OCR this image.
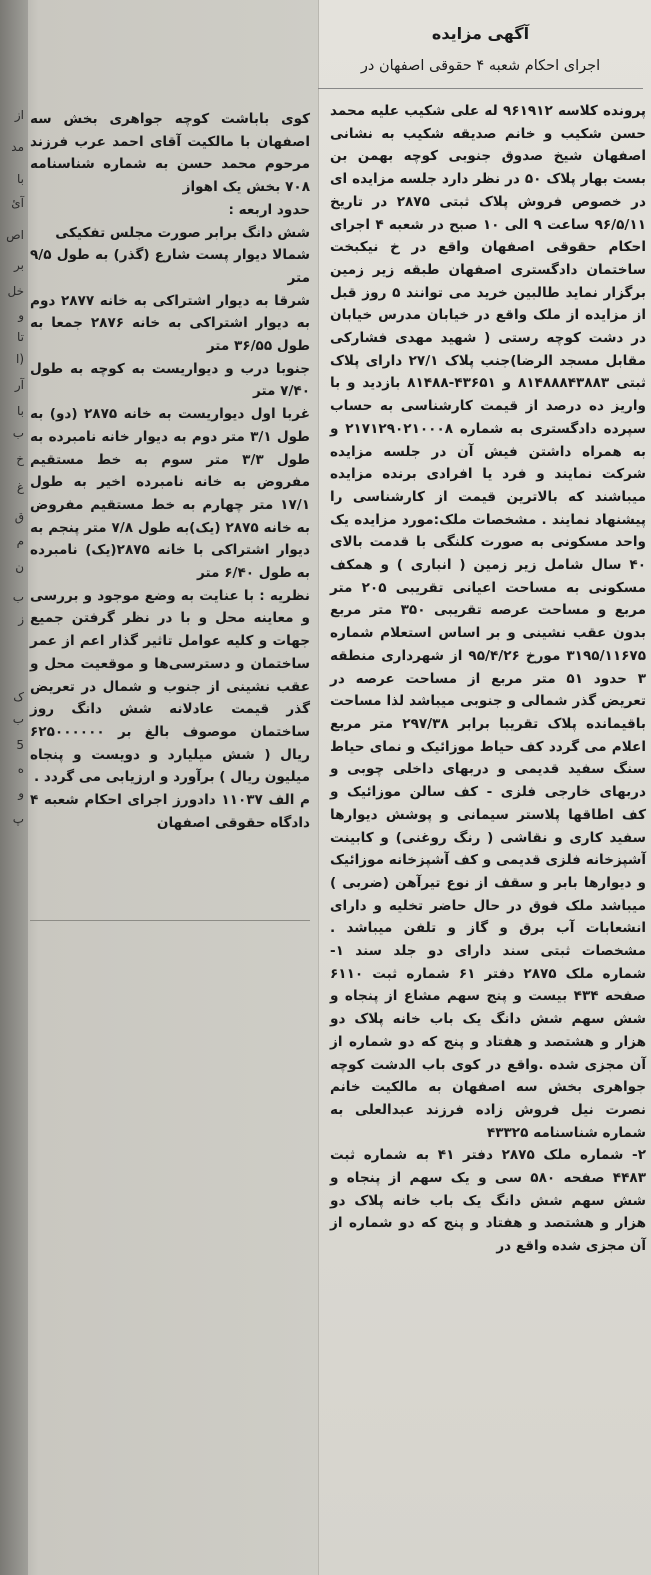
از
مد
با
آئ
اص
بر
خل
و
تا
(ا
آر
با
ب
خ
غ
ق
م
ن
ب
ز
ک
ب
5
ه
و
پ
آگهی مزایده
اجرای احکام شعبه ۴ حقوقی اصفهان در

پرونده کلاسه ۹۶۱۹۱۲ له علی شکیب علیه محمد حسن شکیب و خانم صدیقه شکیب به نشانی اصفهان شیخ صدوق جنوبی کوچه بهمن بن بست بهار پلاک ۵۰ در نظر دارد جلسه مزایده ای در خصوص فروش پلاک ثبتی ۲۸۷۵ در تاریخ ۹۶/۵/۱۱ ساعت ۹ الی ۱۰ صبح در شعبه ۴ اجرای احکام حقوقی اصفهان واقع در خ نیکبخت ساختمان دادگستری اصفهان طبقه زیر زمین برگزار نماید طالبین خرید می توانند ۵ روز قبل از مزایده از ملک واقع در خیابان مدرس خیابان در دشت کوچه رستی ( شهید مهدی فشارکی مقابل مسجد الرضا)جنب پلاک ۲۷/۱ دارای پلاک ثبتی ۸۱۴۸۸۸۴۳۸۸۳ و ۴۳۶۵۱-۸۱۴۸۸ بازدید و با واریز ده درصد از قیمت کارشناسی به حساب سپرده دادگستری به شماره ۲۱۷۱۲۹۰۲۱۰۰۰۸ و به همراه داشتن فیش آن در جلسه مزایده شرکت نمایند و فرد یا افرادی برنده مزایده میباشند که بالاترین قیمت از کارشناسی را پیشنهاد نمایند . مشخصات ملک:مورد مزایده یک واحد مسکونی به صورت کلنگی با قدمت بالای ۴۰ سال شامل زیر زمین ( انباری ) و همکف مسکونی به مساحت اعیانی تقریبی ۲۰۵ متر مربع و مساحت عرصه تقریبی ۳۵۰ متر مربع بدون عقب نشینی و بر اساس استعلام شماره ۳۱۹۵/۱۱۶۷۵ مورخ ۹۵/۴/۲۶ از شهرداری منطقه ۳ حدود ۵۱ متر مربع از مساحت عرصه در تعریض گذر شمالی و جنوبی میباشد لذا مساحت باقیمانده پلاک تقریبا برابر ۲۹۷/۳۸ متر مربع اعلام می گردد کف حیاط موزائیک و نمای حیاط سنگ سفید قدیمی و دربهای داخلی چوبی و دربهای خارجی فلزی - کف سالن موزائیک و کف اطاقها پلاستر سیمانی و پوشش دیوارها سفید کاری و نقاشی ( رنگ روغنی) و کابینت آشپزخانه فلزی قدیمی و کف آشپزخانه موزائیک و دیوارها بابر و سقف از نوع تیرآهن (ضربی ) میباشد ملک فوق در حال حاضر تخلیه و دارای انشعابات آب برق و گاز و تلفن میباشد . مشخصات ثبتی سند دارای دو جلد سند ۱- شماره ملک ۲۸۷۵ دفتر ۶۱ شماره ثبت ۶۱۱۰ صفحه ۴۳۴ بیست و پنج سهم مشاع از پنجاه و شش سهم شش دانگ یک باب خانه پلاک دو هزار و هشتصد و هفتاد و پنج که دو شماره از آن مجزی شده .واقع در کوی باب الدشت کوچه جواهری بخش سه اصفهان به مالکیت خانم نصرت نیل فروش زاده فرزند عبدالعلی به شماره شناسنامه ۴۳۳۲۵

۲- شماره ملک ۲۸۷۵ دفتر ۴۱ به شماره ثبت ۴۴۸۳ صفحه ۵۸۰ سی و یک سهم از پنجاه و شش سهم شش دانگ یک باب خانه پلاک دو هزار و هشتصد و هفتاد و پنج که دو شماره از آن مجزی شده واقع در

کوی باباشت کوچه جواهری بخش سه اصفهان با مالکیت آقای احمد عرب فرزند مرحوم محمد حسن به شماره شناسنامه ۷۰۸ بخش یک اهواز

حدود اربعه :

شش دانگ برابر صورت مجلس تفکیکی

شمالا دیوار پست شارع (گذر) به طول ۹/۵ متر

شرقا به دیوار اشتراکی به خانه ۲۸۷۷ دوم به دیوار اشتراکی به خانه ۲۸۷۶ جمعا به طول ۳۶/۵۵ متر

جنوبا درب و دیواریست به کوچه به طول ۷/۴۰ متر

غربا اول دیواریست به خانه ۲۸۷۵ (دو) به طول ۳/۱ متر دوم به دیوار خانه نامبرده به طول ۳/۳ متر سوم به خط مستقیم مفروض به خانه نامبرده اخیر به طول ۱۷/۱ متر چهارم به خط مستقیم مفروض به خانه ۲۸۷۵ (یک)به طول ۷/۸ متر پنجم به دیوار اشتراکی با خانه ۲۸۷۵(یک) نامبرده به طول ۶/۴۰ متر

نظریه : با عنایت به وضع موجود و بررسی و معاینه محل و با در نظر گرفتن جمیع جهات و کلیه عوامل تاثیر گذار اعم از عمر ساختمان و دسترسی‌ها و موقعیت محل و عقب نشینی از جنوب و شمال در تعریض گذر قیمت عادلانه شش دانگ روز ساختمان موصوف بالغ بر ۶۲۵۰۰۰۰۰۰ ریال ( شش میلیارد و دویست و پنجاه میلیون ریال ) برآورد و ارزیابی می گردد .

م الف ۱۱۰۳۷ دادورز اجرای احکام شعبه ۴ دادگاه حقوقی اصفهان
